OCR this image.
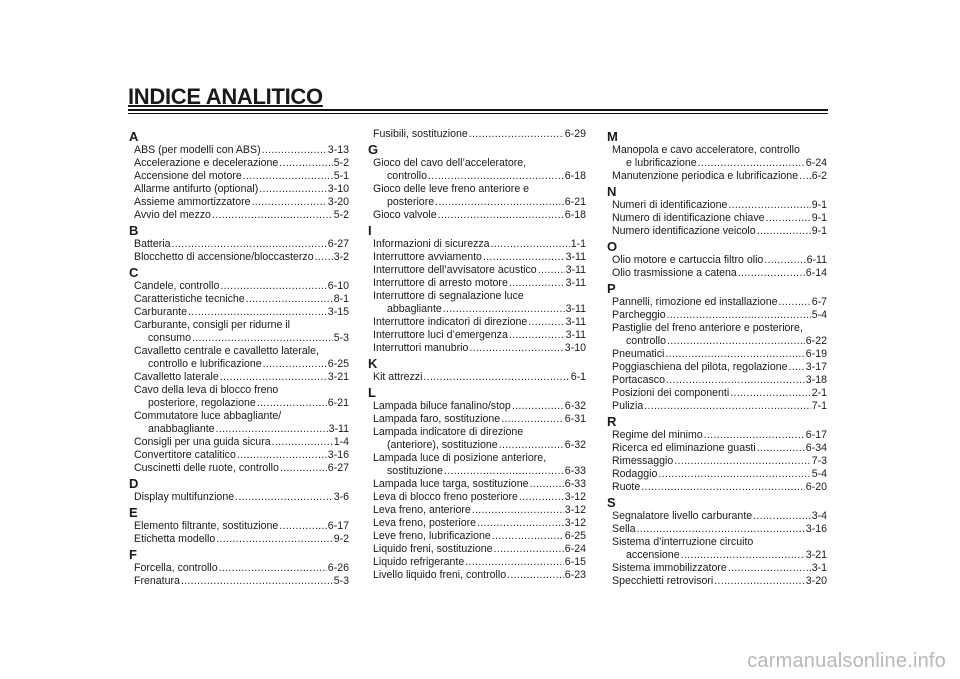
INDICE ANALITICO
A
ABS (per modelli con ABS) .....	3-13
Accelerazione e decelerazione .....	5-2
Accensione del motore .....	5-1
Allarme antifurto (optional) .....	3-10
Assieme ammortizzatore .....	3-20
Avvio del mezzo .....	5-2
B
Batteria .....	6-27
Blocchetto di accensione/bloccasterzo ..... 3-2
C
Candele, controllo .....	6-10
Caratteristiche tecniche .....	8-1
Carburante .....	3-15
Carburante, consigli per ridurne il
consumo .....	5-3
Cavalletto centrale e cavalletto laterale,
controllo e lubrificazione .....	6-25
Cavalletto laterale .....	3-21
Cavo della leva di blocco freno
posteriore, regolazione .....	6-21
Commutatore luce abbagliante/
anabbagliante .....	3-11
Consigli per una guida sicura .....	1-4
Convertitore catalitico .....	3-16
Cuscinetti delle ruote, controllo .....	6-27
D
Display multifunzione .....	3-6
E
Elemento filtrante, sostituzione .....	6-17
Etichetta modello .....	9-2
F
Forcella, controllo .....	6-26
Frenatura .....	5-3
Fusibili, sostituzione .....	6-29
G
Gioco del cavo dell’acceleratore,
controllo .....	6-18
Gioco delle leve freno anteriore e
posteriore .....	6-21
Gioco valvole .....	6-18
I
Informazioni di sicurezza .....	1-1
Interruttore avviamento .....	3-11
Interruttore dell’avvisatore acustico .....	3-11
Interruttore di arresto motore .....	3-11
Interruttore di segnalazione luce
abbagliante .....	3-11
Interruttore indicatori di direzione .....	3-11
Interruttore luci d’emergenza .....	3-11
Interruttori manubrio .....	3-10
K
Kit attrezzi .....	6-1
L
Lampada biluce fanalino/stop .....	6-32
Lampada faro, sostituzione .....	6-31
Lampada indicatore di direzione
(anteriore), sostituzione .....	6-32
Lampada luce di posizione anteriore,
sostituzione .....	6-33
Lampada luce targa, sostituzione .....	6-33
Leva di blocco freno posteriore .....	3-12
Leva freno, anteriore .....	3-12
Leva freno, posteriore .....	3-12
Leve freno, lubrificazione .....	6-25
Liquido freni, sostituzione .....	6-24
Liquido refrigerante .....	6-15
Livello liquido freni, controllo .....	6-23
M
Manopola e cavo acceleratore, controllo
e lubrificazione .....	6-24
Manutenzione periodica e lubrificazione ..... 6-2
N
Numeri di identificazione .....	9-1
Numero di identificazione chiave .....	9-1
Numero identificazione veicolo .....	9-1
O
Olio motore e cartuccia filtro olio .....	6-11
Olio trasmissione a catena .....	6-14
P
Pannelli, rimozione ed installazione .....	6-7
Parcheggio .....	5-4
Pastiglie del freno anteriore e posteriore,
controllo .....	6-22
Pneumatici .....	6-19
Poggiaschiena del pilota, regolazione ..... 3-17
Portacasco .....	3-18
Posizioni dei componenti .....	2-1
Pulizia .....	7-1
R
Regime del minimo .....	6-17
Ricerca ed eliminazione guasti .....	6-34
Rimessaggio .....	7-3
Rodaggio .....	5-4
Ruote .....	6-20
S
Segnalatore livello carburante .....	3-4
Sella .....	3-16
Sistema d’interruzione circuito
accensione .....	3-21
Sistema immobilizzatore .....	3-1
Specchietti retrovisori .....	3-20
carmanualsonline.info
